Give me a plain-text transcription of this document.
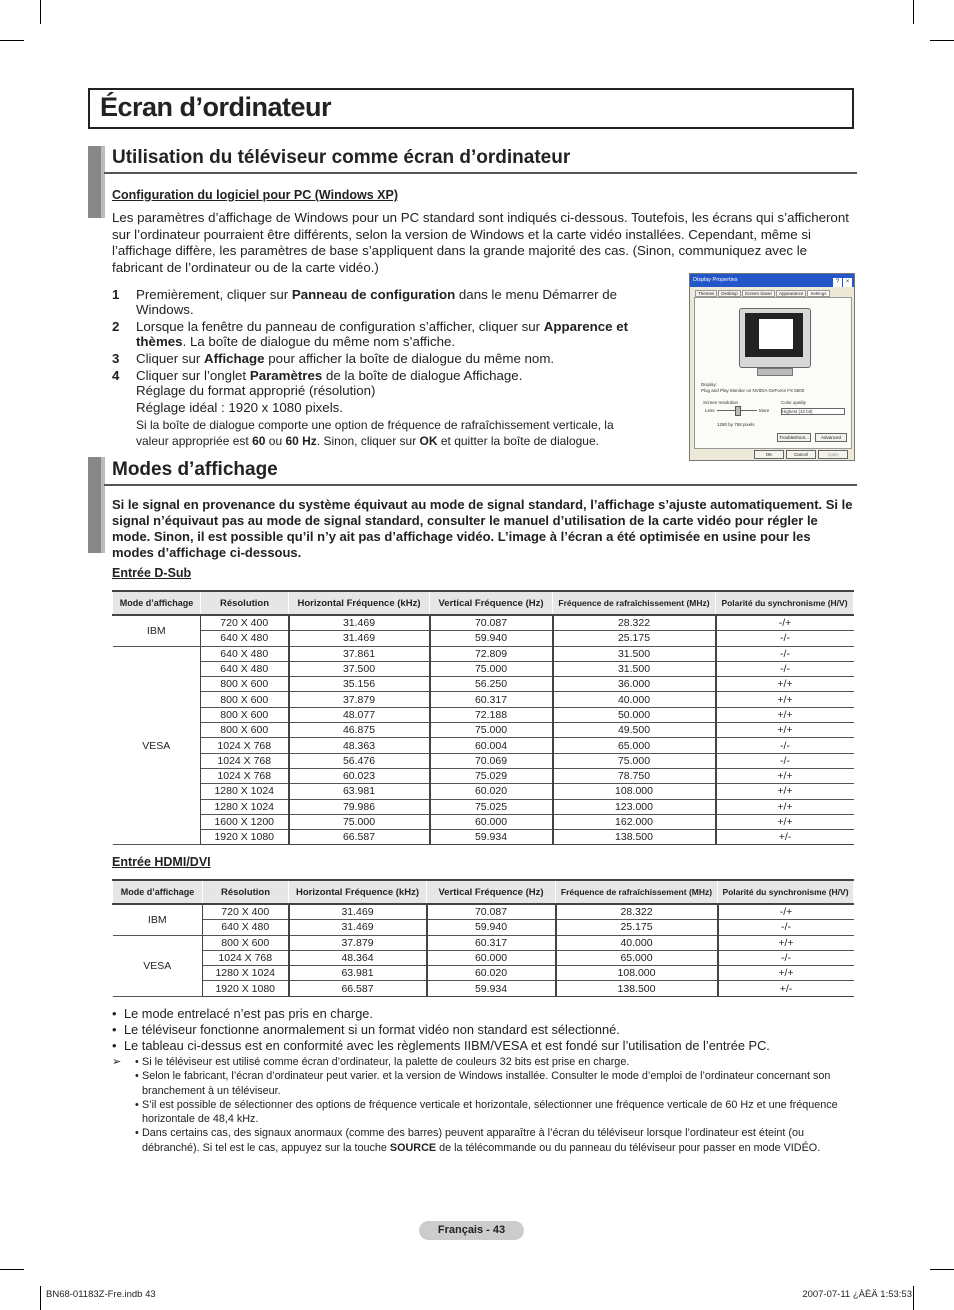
Écran d’ordinateur
Utilisation du téléviseur comme écran d’ordinateur
Configuration du logiciel pour PC (Windows XP)

Les paramètres d’affichage de Windows pour un PC standard sont indiqués ci-dessous. Toutefois, les écrans qui s’afficheront sur l’ordinateur pourraient être différents, selon la version de Windows et la carte vidéo installées. Cependant, même si l’affichage diffère, les paramètres de base s’appliquent dans la grande majorité des cas. (Sinon, communiquez avec le fabricant de l’ordinateur ou de la carte vidéo.)

1 Premièrement, cliquer sur Panneau de configuration dans le menu Démarrer de Windows.
2 Lorsque la fenêtre du panneau de configuration s’afficher, cliquer sur Apparence et thèmes. La boîte de dialogue du même nom s’affiche.
3 Cliquer sur Affichage pour afficher la boîte de dialogue du même nom.
4 Cliquer sur l’onglet Paramètres de la boîte de dialogue Affichage.
Réglage du format approprié (résolution)
Réglage idéal : 1920 x 1080 pixels.
Si la boîte de dialogue comporte une option de fréquence de rafraîchissement verticale, la valeur appropriée est 60 ou 60 Hz. Sinon, cliquer sur OK et quitter la boîte de dialogue.
Display Properties	? ×
Themes Desktop Screen Saver Appearance Settings
Display:
Plug and Play Monitor on NVIDIA GeForce FX 5600
Screen resolution
Less	More
1280 by 768 pixels
Color quality
Highest (32 bit)
Troubleshoot...	Advanced
OK	Cancel	Apply
Modes d’affichage

Si le signal en provenance du système équivaut au mode de signal standard, l’affichage s’ajuste automatiquement. Si le signal n’équivaut pas au mode de signal standard, consulter le manuel d’utilisation de la carte vidéo pour régler le mode. Sinon, il est possible qu’il n’y ait pas d’affichage vidéo. L’image à l’écran a été optimisée en usine pour les modes d’affichage ci-dessous.

Entrée D-Sub
Mode d’affichage	Résolution	Horizontal Fréquence (kHz)	Vertical Fréquence (Hz)	Fréquence de rafraîchissement (MHz)	Polarité du synchronisme (H/V)
IBM	720 X 400	31.469	70.087	28.322	-/+
	640 X 480	31.469	59.940	25.175	-/-
VESA	640 X 480	37.861	72.809	31.500	-/-
	640 X 480	37.500	75.000	31.500	-/-
	800 X 600	35.156	56.250	36.000	+/+
	800 X 600	37.879	60.317	40.000	+/+
	800 X 600	48.077	72.188	50.000	+/+
	800 X 600	46.875	75.000	49.500	+/+
	1024 X 768	48.363	60.004	65.000	-/-
	1024 X 768	56.476	70.069	75.000	-/-
	1024 X 768	60.023	75.029	78.750	+/+
	1280 X 1024	63.981	60.020	108.000	+/+
	1280 X 1024	79.986	75.025	123.000	+/+
	1600 X 1200	75.000	60.000	162.000	+/+
	1920 X 1080	66.587	59.934	138.500	+/-
Entrée HDMI/DVI
Mode d’affichage	Résolution	Horizontal Fréquence (kHz)	Vertical Fréquence (Hz)	Fréquence de rafraîchissement (MHz)	Polarité du synchronisme (H/V)
IBM	720 X 400	31.469	70.087	28.322	-/+
	640 X 480	31.469	59.940	25.175	-/-
VESA	800 X 600	37.879	60.317	40.000	+/+
	1024 X 768	48.364	60.000	65.000	-/-
	1280 X 1024	63.981	60.020	108.000	+/+
	1920 X 1080	66.587	59.934	138.500	+/-
• Le mode entrelacé n’est pas pris en charge.
• Le téléviseur fonctionne anormalement si un format vidéo non standard est sélectionné.
• Le tableau ci-dessus est en conformité avec les règlements IIBM/VESA et est fondé sur l’utilisation de l’entrée PC.
➢	• Si le téléviseur est utilisé comme écran d’ordinateur, la palette de couleurs 32 bits est prise en charge.
• Selon le fabricant, l’écran d’ordinateur peut varier. et la version de Windows installée. Consulter le mode d’emploi de l’ordinateur concernant son branchement à un téléviseur.
• S’il est possible de sélectionner des options de fréquence verticale et horizontale, sélectionner une fréquence verticale de 60 Hz et une fréquence horizontale de 48,4 kHz.
• Dans certains cas, des signaux anormaux (comme des barres) peuvent apparaître à l’écran du téléviseur lorsque l’ordinateur est éteint (ou débranché). Si tel est le cas, appuyez sur la touche SOURCE de la télécommande ou du panneau du téléviseur pour passer en mode VIDÉO.
Français - 43
BN68-01183Z-Fre.indb 43	2007-07-11 ¿ÀÈÄ 1:53:53
